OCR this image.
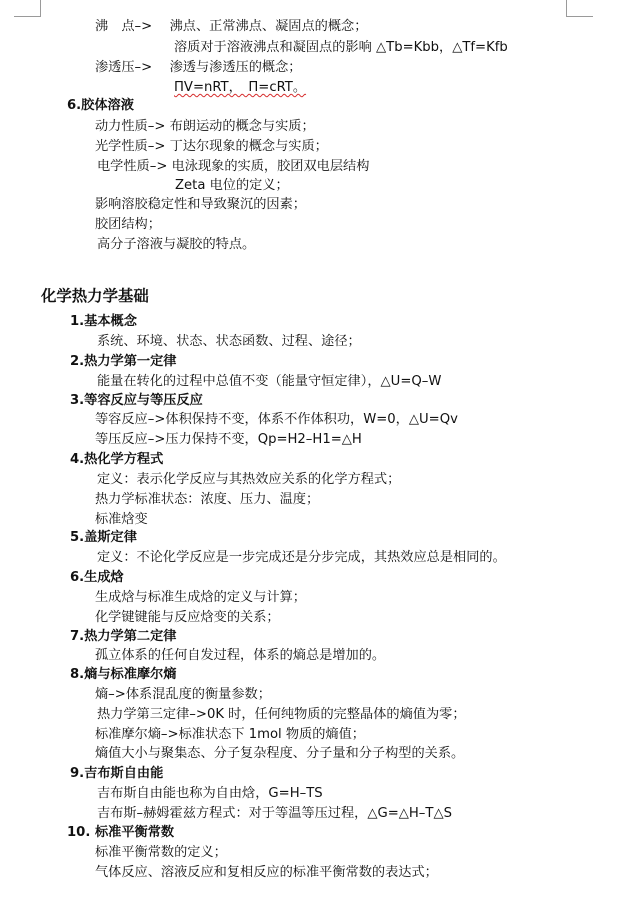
沸　点–>　 沸点、正常沸点、凝固点的概念；
溶质对于溶液沸点和凝固点的影响 △Tb=Kbb，△Tf=Kfb
渗透压–>　 渗透与渗透压的概念；
ΠV=nRT，　Π=cRT。
6.胶体溶液
动力性质–> 布朗运动的概念与实质；
光学性质–> 丁达尔现象的概念与实质；
电学性质–> 电泳现象的实质，胶团双电层结构
Zeta 电位的定义；
影响溶胶稳定性和导致聚沉的因素；
胶团结构；
高分子溶液与凝胶的特点。
化学热力学基础
1.基本概念
系统、环境、状态、状态函数、过程、途径；
2.热力学第一定律
能量在转化的过程中总值不变（能量守恒定律），△U=Q–W
3.等容反应与等压反应
等容反应–>体积保持不变，体系不作体积功，W=0，△U=Qv
等压反应–>压力保持不变，Qp=H2–H1=△H
4.热化学方程式
定义：表示化学反应与其热效应关系的化学方程式；
热力学标准状态：浓度、压力、温度；
标准焓变
5.盖斯定律
定义：不论化学反应是一步完成还是分步完成，其热效应总是相同的。
6.生成焓
生成焓与标准生成焓的定义与计算；
化学键键能与反应焓变的关系；
7.热力学第二定律
孤立体系的任何自发过程，体系的熵总是增加的。
8.熵与标准摩尔熵
熵–>体系混乱度的衡量参数；
热力学第三定律–>0K 时，任何纯物质的完整晶体的熵值为零；
标准摩尔熵–>标准状态下 1mol 物质的熵值；
熵值大小与聚集态、分子复杂程度、分子量和分子构型的关系。
9.吉布斯自由能
吉布斯自由能也称为自由焓，G=H–TS
吉布斯–赫姆霍兹方程式：对于等温等压过程，△G=△H–T△S
10. 标准平衡常数
标准平衡常数的定义；
气体反应、溶液反应和复相反应的标准平衡常数的表达式；
